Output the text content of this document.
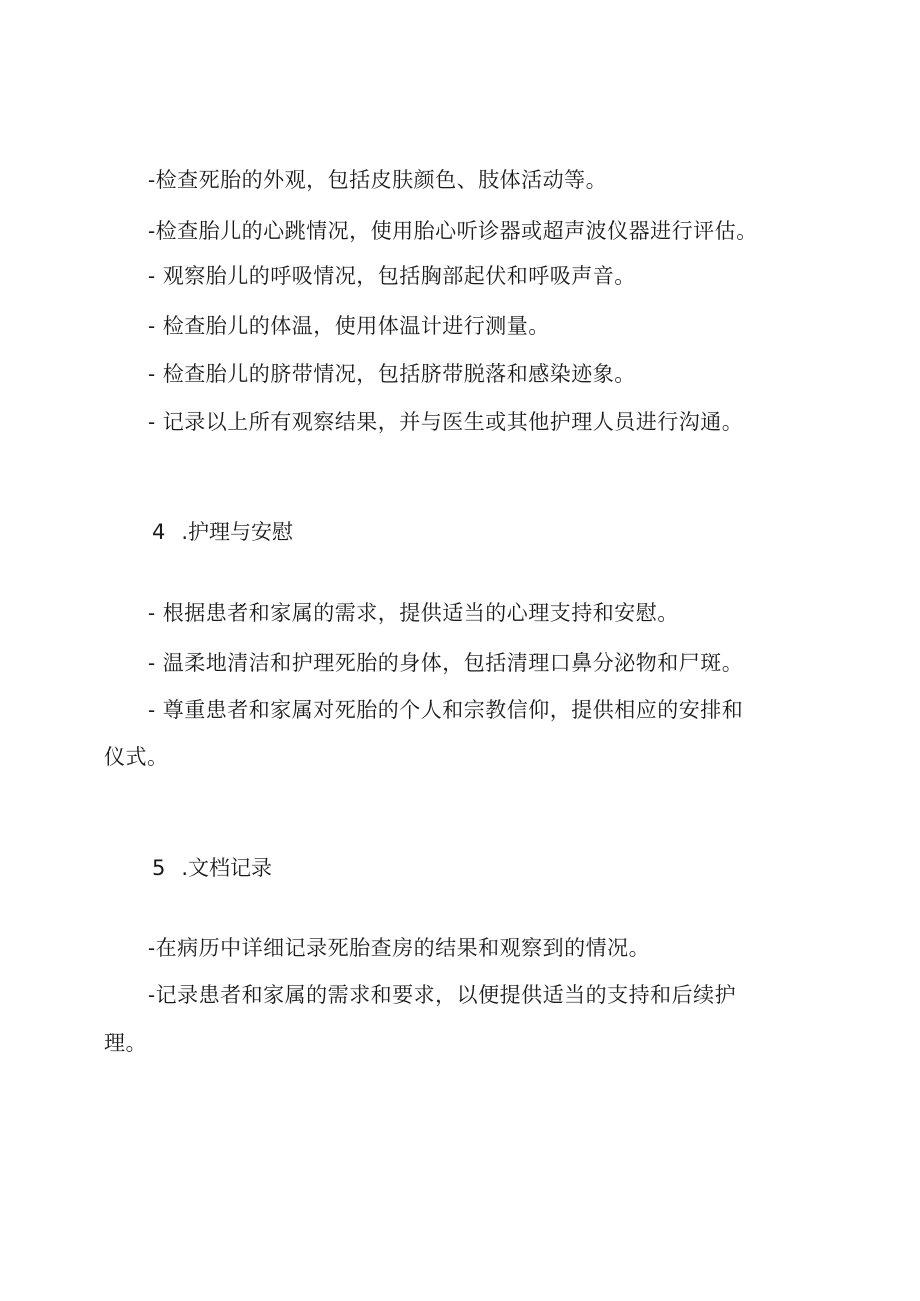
-检查死胎的外观，包括皮肤颜色、肢体活动等。
-检查胎儿的心跳情况，使用胎心听诊器或超声波仪器进行评估。
- 观察胎儿的呼吸情况，包括胸部起伏和呼吸声音。
- 检查胎儿的体温，使用体温计进行测量。
- 检查胎儿的脐带情况，包括脐带脱落和感染迹象。
- 记录以上所有观察结果，并与医生或其他护理人员进行沟通。
4 .护理与安慰
- 根据患者和家属的需求，提供适当的心理支持和安慰。
- 温柔地清洁和护理死胎的身体，包括清理口鼻分泌物和尸斑。
- 尊重患者和家属对死胎的个人和宗教信仰，提供相应的安排和
仪式。
5 .文档记录
-在病历中详细记录死胎查房的结果和观察到的情况。
-记录患者和家属的需求和要求，以便提供适当的支持和后续护
理。
